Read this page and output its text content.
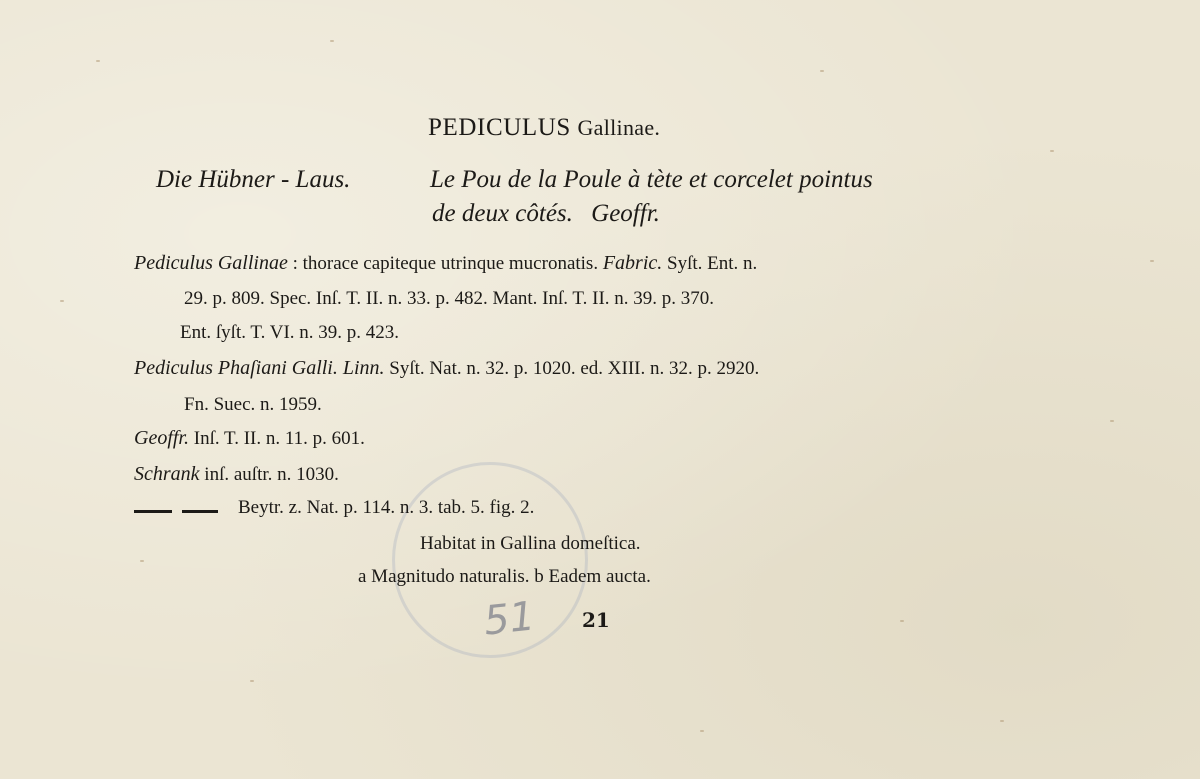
51
PEDICULUS Gallinae.
Die Hübner - Laus.	Le Pou de la Poule à tète et corcelet pointus
de deux côtés. Geoffr.
Pediculus Gallinae : thorace capiteque utrinque mucronatis. Fabric. Syſt. Ent. n.
29. p. 809. Spec. Inſ. T. II. n. 33. p. 482. Mant. Inſ. T. II. n. 39. p. 370.
Ent. ſyſt. T. VI. n. 39. p. 423.
Pediculus Phaſiani Galli. Linn. Syſt. Nat. n. 32. p. 1020. ed. XIII. n. 32. p. 2920.
Fn. Suec. n. 1959.
Geoffr. Inſ. T. II. n. 11. p. 601.
Schrank inſ. auſtr. n. 1030.
Beytr. z. Nat. p. 114. n. 3. tab. 5. fig. 2.
Habitat in Gallina domeſtica.
a Magnitudo naturalis. b Eadem aucta.
21
